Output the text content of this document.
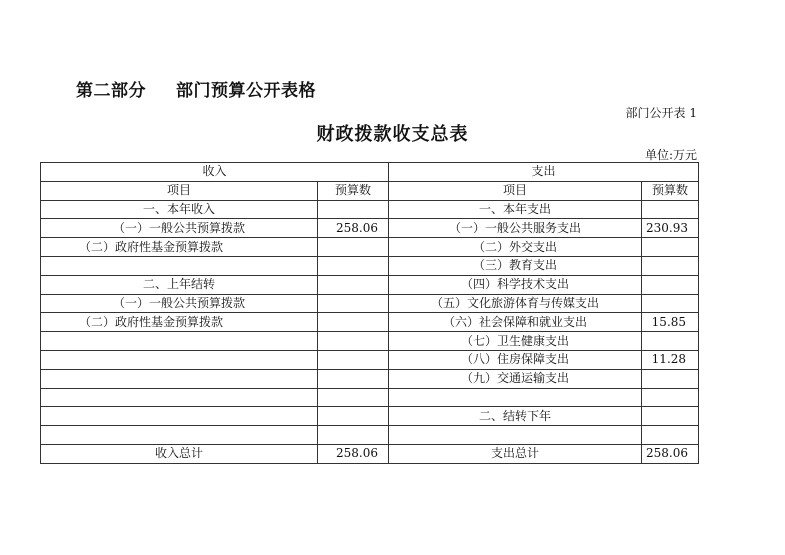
第二部分 部门预算公开表格
部门公开表 1
财政拨款收支总表
单位:万元
收入		支出	
项目	预算数	项目	预算数
一、本年收入		一、本年支出	
（一）一般公共预算拨款	258.06	（一）一般公共服务支出	230.93
（二）政府性基金预算拨款		（二）外交支出	
		（三）教育支出	
二、上年结转		（四）科学技术支出	
（一）一般公共预算拨款		（五）文化旅游体育与传媒支出	
（二）政府性基金预算拨款		（六）社会保障和就业支出	15.85
		（七）卫生健康支出	
		（八）住房保障支出	11.28
		（九）交通运输支出	

		二、结转下年	

收入总计	258.06	支出总计	258.06
